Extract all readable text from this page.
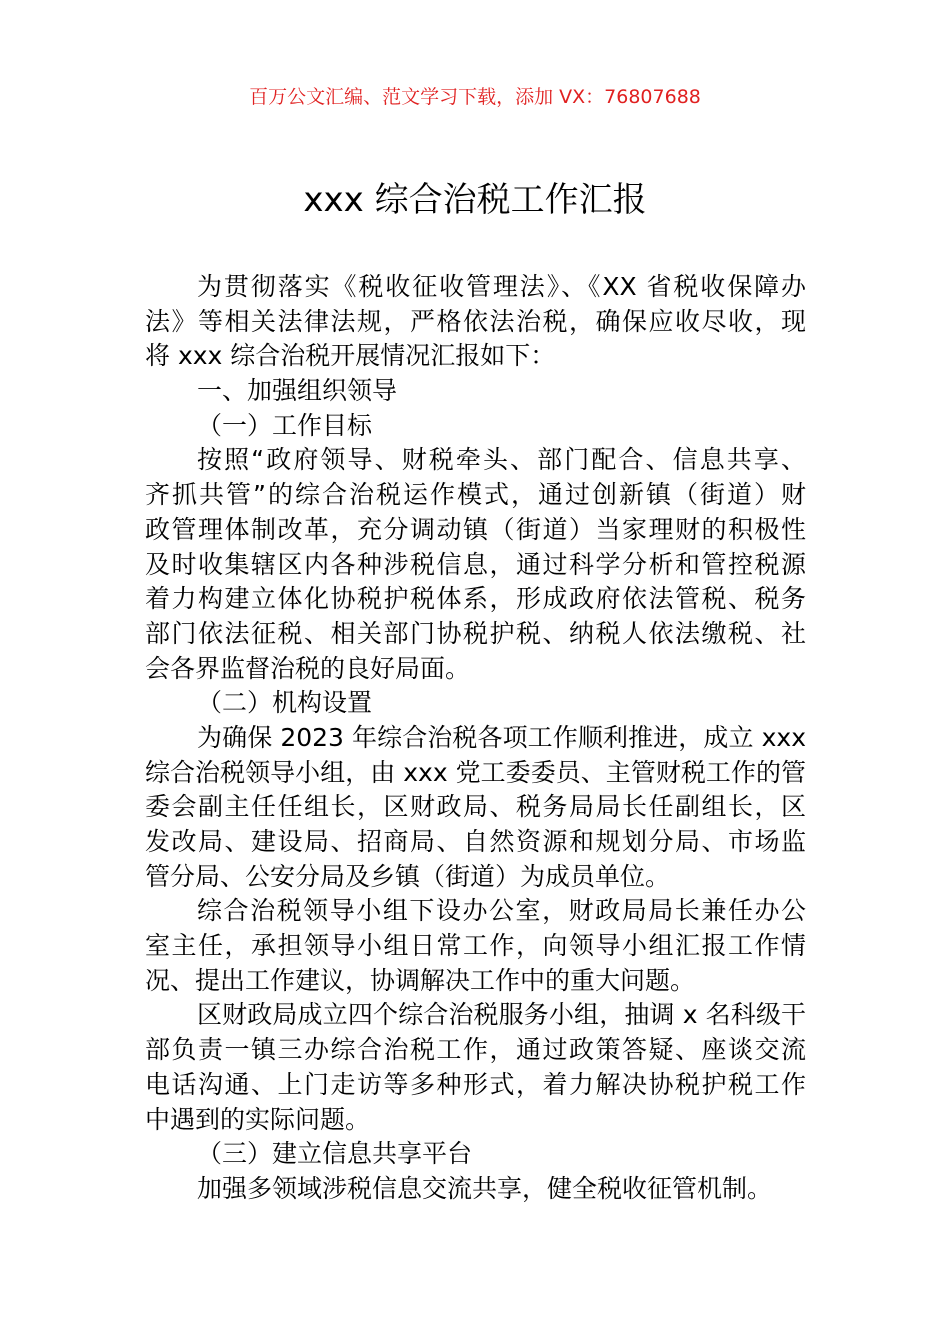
百万公文汇编、范文学习下载，添加 VX：76807688
xxx 综合治税工作汇报
为贯彻落实《税收征收管理法》、《XX 省税收保障办
法》等相关法律法规，严格依法治税，确保应收尽收，现
将 xxx 综合治税开展情况汇报如下：
一、加强组织领导
（一）工作目标
按照“政府领导、财税牵头、部门配合、信息共享、
齐抓共管”的综合治税运作模式，通过创新镇（街道）财
政管理体制改革，充分调动镇（街道）当家理财的积极性
及时收集辖区内各种涉税信息，通过科学分析和管控税源
着力构建立体化协税护税体系，形成政府依法管税、税务
部门依法征税、相关部门协税护税、纳税人依法缴税、社
会各界监督治税的良好局面。
（二）机构设置
为确保 2023 年综合治税各项工作顺利推进，成立 xxx
综合治税领导小组，由 xxx 党工委委员、主管财税工作的管
委会副主任任组长，区财政局、税务局局长任副组长，区
发改局、建设局、招商局、自然资源和规划分局、市场监
管分局、公安分局及乡镇（街道）为成员单位。
综合治税领导小组下设办公室，财政局局长兼任办公
室主任，承担领导小组日常工作，向领导小组汇报工作情
况、提出工作建议，协调解决工作中的重大问题。
区财政局成立四个综合治税服务小组，抽调 x 名科级干
部负责一镇三办综合治税工作，通过政策答疑、座谈交流
电话沟通、上门走访等多种形式，着力解决协税护税工作
中遇到的实际问题。
（三）建立信息共享平台
加强多领域涉税信息交流共享，健全税收征管机制。
